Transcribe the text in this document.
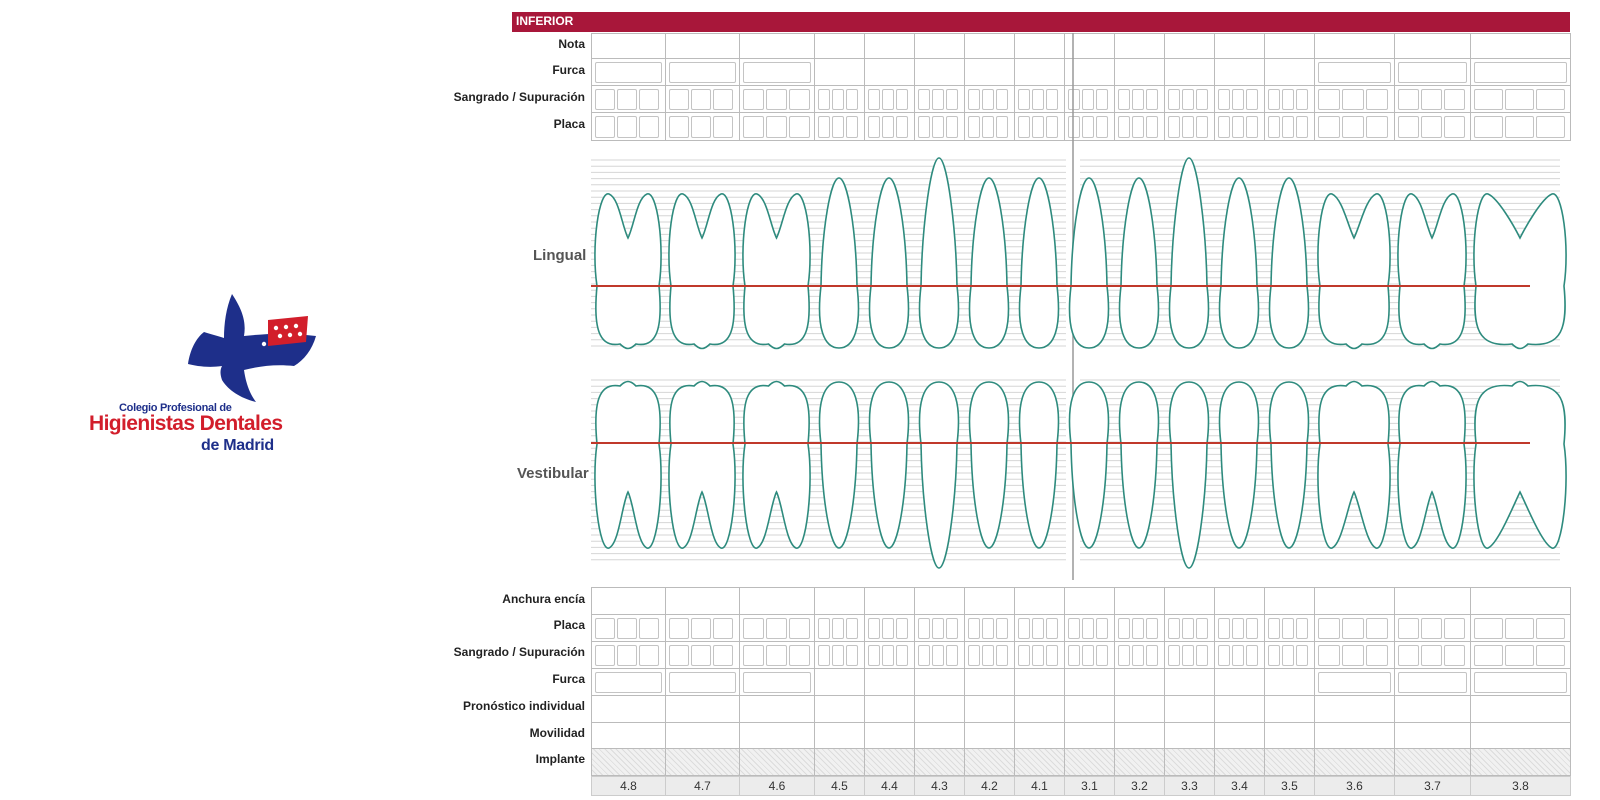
Colegio Profesional de
Higienistas Dentales
de Madrid
INFERIOR
Nota
Furca
Sangrado / Supuración
Placa
Lingual
Vestibular
Anchura encía
Placa
Sangrado / Supuración
Furca
Pronóstico individual
Movilidad
Implante
4.8	4.7	4.6	4.5	4.4	4.3	4.2	4.1	3.1	3.2	3.3	3.4	3.5	3.6	3.7	3.8
